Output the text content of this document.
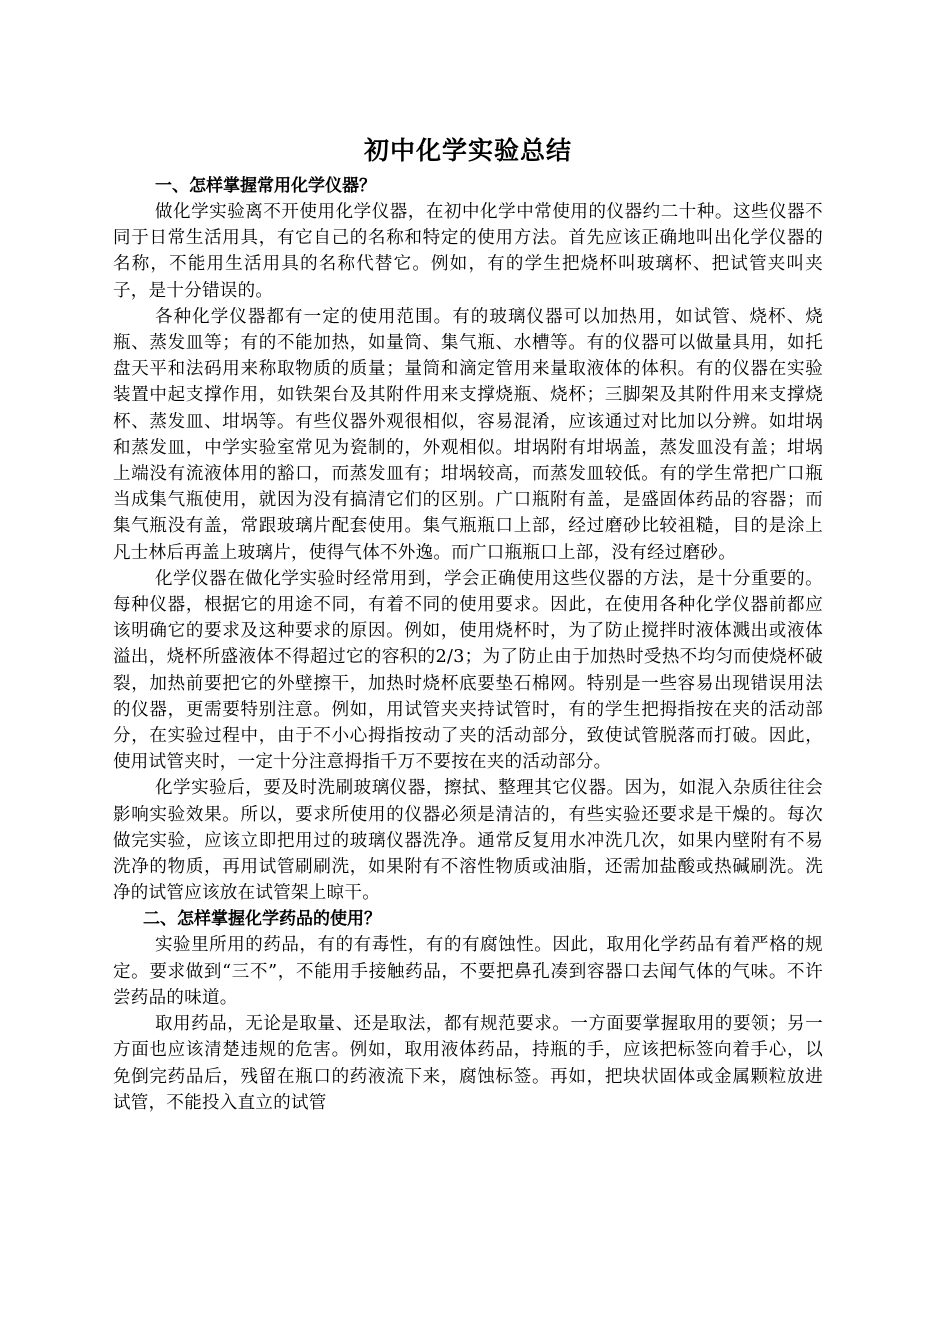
初中化学实验总结
一、怎样掌握常用化学仪器？

做化学实验离不开使用化学仪器，在初中化学中常使用的仪器约二十种。这些仪器不同于日常生活用具，有它自己的名称和特定的使用方法。首先应该正确地叫出化学仪器的名称，不能用生活用具的名称代替它。例如，有的学生把烧杯叫玻璃杯、把试管夹叫夹子，是十分错误的。

各种化学仪器都有一定的使用范围。有的玻璃仪器可以加热用，如试管、烧杯、烧瓶、蒸发皿等；有的不能加热，如量筒、集气瓶、水槽等。有的仪器可以做量具用，如托盘天平和法码用来称取物质的质量；量筒和滴定管用来量取液体的体积。有的仪器在实验装置中起支撑作用，如铁架台及其附件用来支撑烧瓶、烧杯；三脚架及其附件用来支撑烧杯、蒸发皿、坩埚等。有些仪器外观很相似，容易混淆，应该通过对比加以分辨。如坩埚和蒸发皿，中学实验室常见为瓷制的，外观相似。坩埚附有坩埚盖，蒸发皿没有盖；坩埚上端没有流液体用的豁口，而蒸发皿有；坩埚较高，而蒸发皿较低。有的学生常把广口瓶当成集气瓶使用，就因为没有搞清它们的区别。广口瓶附有盖，是盛固体药品的容器；而集气瓶没有盖，常跟玻璃片配套使用。集气瓶瓶口上部，经过磨砂比较祖糙，目的是涂上凡士林后再盖上玻璃片，使得气体不外逸。而广口瓶瓶口上部，没有经过磨砂。

化学仪器在做化学实验时经常用到，学会正确使用这些仪器的方法，是十分重要的。每种仪器，根据它的用途不同，有着不同的使用要求。因此，在使用各种化学仪器前都应该明确它的要求及这种要求的原因。例如，使用烧杯时，为了防止搅拌时液体溅出或液体溢出，烧杯所盛液体不得超过它的容积的2/3；为了防止由于加热时受热不均匀而使烧杯破裂，加热前要把它的外壁擦干，加热时烧杯底要垫石棉网。特别是一些容易出现错误用法的仪器，更需要特别注意。例如，用试管夹夹持试管时，有的学生把拇指按在夹的活动部分，在实验过程中，由于不小心拇指按动了夹的活动部分，致使试管脱落而打破。因此，使用试管夹时，一定十分注意拇指千万不要按在夹的活动部分。

化学实验后，要及时洗刷玻璃仪器，擦拭、整理其它仪器。因为，如混入杂质往往会影响实验效果。所以，要求所使用的仪器必须是清洁的，有些实验还要求是干燥的。每次做完实验，应该立即把用过的玻璃仪器洗净。通常反复用水冲洗几次，如果内壁附有不易洗净的物质，再用试管刷刷洗，如果附有不溶性物质或油脂，还需加盐酸或热碱刷洗。洗净的试管应该放在试管架上晾干。

二、怎样掌握化学药品的使用？

实验里所用的药品，有的有毒性，有的有腐蚀性。因此，取用化学药品有着严格的规定。要求做到“三不”，不能用手接触药品，不要把鼻孔凑到容器口去闻气体的气味。不许尝药品的味道。

取用药品，无论是取量、还是取法，都有规范要求。一方面要掌握取用的要领；另一方面也应该清楚违规的危害。例如，取用液体药品，持瓶的手，应该把标签向着手心，以免倒完药品后，残留在瓶口的药液流下来，腐蚀标签。再如，把块状固体或金属颗粒放进试管，不能投入直立的试管
